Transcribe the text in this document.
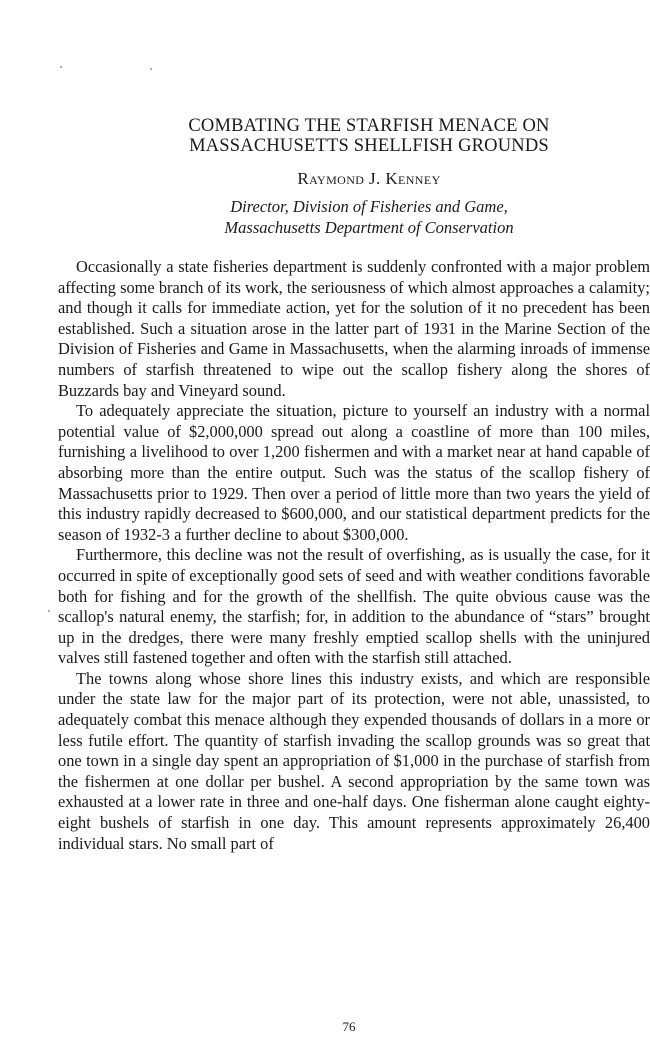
COMBATING THE STARFISH MENACE ON
MASSACHUSETTS SHELLFISH GROUNDS
Raymond J. Kenney
Director, Division of Fisheries and Game,
Massachusetts Department of Conservation

Occasionally a state fisheries department is suddenly confronted with a major problem affecting some branch of its work, the seriousness of which almost approaches a calamity; and though it calls for immediate action, yet for the solution of it no precedent has been established. Such a situation arose in the latter part of 1931 in the Marine Section of the Division of Fisheries and Game in Massachusetts, when the alarming inroads of immense numbers of starfish threatened to wipe out the scallop fishery along the shores of Buzzards bay and Vineyard sound.

To adequately appreciate the situation, picture to yourself an industry with a normal potential value of $2,000,000 spread out along a coastline of more than 100 miles, furnishing a livelihood to over 1,200 fishermen and with a market near at hand capable of absorbing more than the entire output. Such was the status of the scallop fishery of Massachusetts prior to 1929. Then over a period of little more than two years the yield of this industry rapidly decreased to $600,000, and our statistical department predicts for the season of 1932-3 a further decline to about $300,000.

Furthermore, this decline was not the result of overfishing, as is usually the case, for it occurred in spite of exceptionally good sets of seed and with weather conditions favorable both for fishing and for the growth of the shellfish. The quite obvious cause was the scallop's natural enemy, the starfish; for, in addition to the abundance of “stars” brought up in the dredges, there were many freshly emptied scallop shells with the uninjured valves still fastened together and often with the starfish still attached.

The towns along whose shore lines this industry exists, and which are responsible under the state law for the major part of its protection, were not able, unassisted, to adequately combat this menace although they expended thousands of dollars in a more or less futile effort. The quantity of starfish invading the scallop grounds was so great that one town in a single day spent an appropriation of $1,000 in the purchase of starfish from the fishermen at one dollar per bushel. A second appropriation by the same town was exhausted at a lower rate in three and one-half days. One fisherman alone caught eighty-eight bushels of starfish in one day. This amount represents approximately 26,400 individual stars. No small part of

76
